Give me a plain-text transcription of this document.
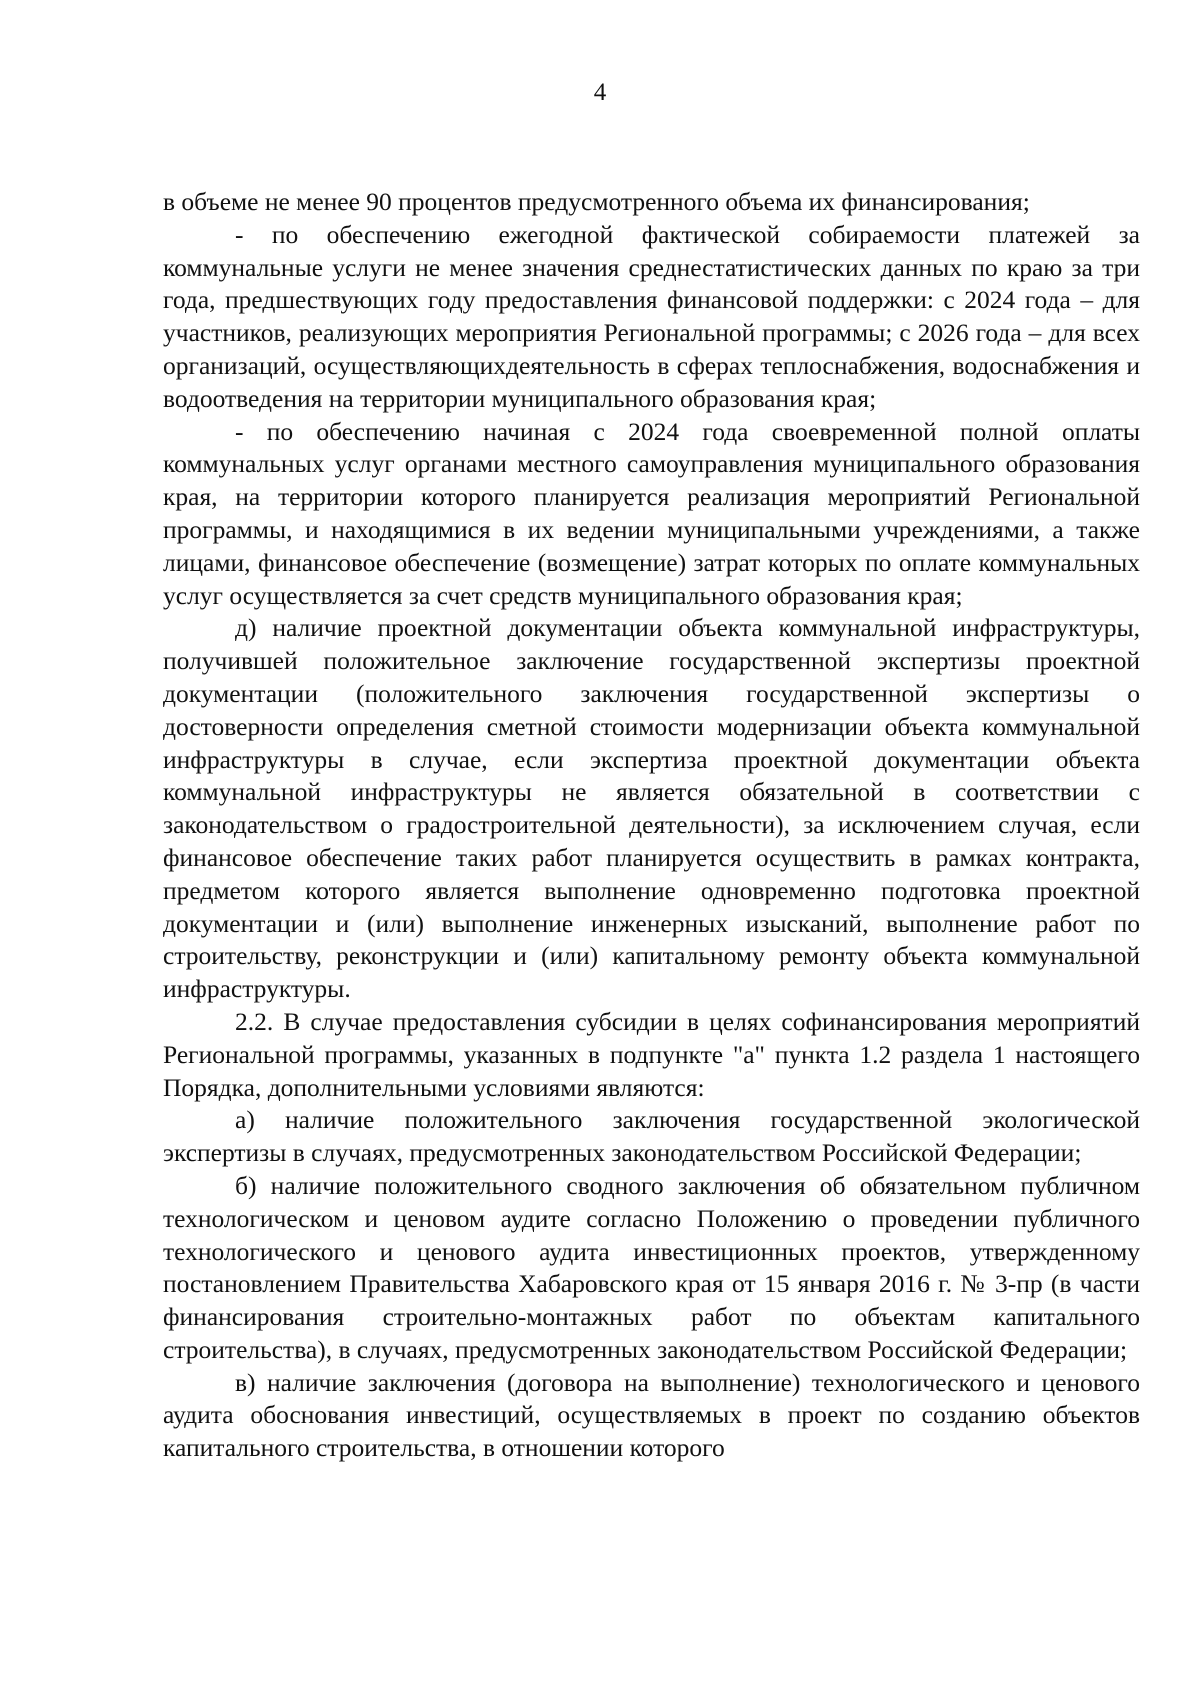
4

в объеме не менее 90 процентов предусмотренного объема их финансирования;

- по обеспечению ежегодной фактической собираемости платежей за коммунальные услуги не менее значения среднестатистических данных по краю за три года, предшествующих году предоставления финансовой поддержки: с 2024 года – для участников, реализующих мероприятия Региональной программы; с 2026 года – для всех организаций, осуществляющихдеятельность в сферах теплоснабжения, водоснабжения и водоотведения на территории муниципального образования края;

- по обеспечению начиная с 2024 года своевременной полной оплаты коммунальных услуг органами местного самоуправления муниципального образования края, на территории которого планируется реализация мероприятий Региональной программы, и находящимися в их ведении муниципальными учреждениями, а также лицами, финансовое обеспечение (возмещение) затрат которых по оплате коммунальных услуг осуществляется за счет средств муниципального образования края;

д) наличие проектной документации объекта коммунальной инфраструктуры, получившей положительное заключение государственной экспертизы проектной документации (положительного заключения государственной экспертизы о достоверности определения сметной стоимости модернизации объекта коммунальной инфраструктуры в случае, если экспертиза проектной документации объекта коммунальной инфраструктуры не является обязательной в соответствии с законодательством о градостроительной деятельности), за исключением случая, если финансовое обеспечение таких работ планируется осуществить в рамках контракта, предметом которого является выполнение одновременно подготовка проектной документации и (или) выполнение инженерных изысканий, выполнение работ по строительству, реконструкции и (или) капитальному ремонту объекта коммунальной инфраструктуры.

2.2. В случае предоставления субсидии в целях софинансирования мероприятий Региональной программы, указанных в подпункте "а" пункта 1.2 раздела 1 настоящего Порядка, дополнительными условиями являются:

а) наличие положительного заключения государственной экологической экспертизы в случаях, предусмотренных законодательством Российской Федерации;

б) наличие положительного сводного заключения об обязательном публичном технологическом и ценовом аудите согласно Положению о проведении публичного технологического и ценового аудита инвестиционных проектов, утвержденному постановлением Правительства Хабаровского края от 15 января 2016 г. № 3-пр (в части финансирования строительно-монтажных работ по объектам капитального строительства), в случаях, предусмотренных законодательством Российской Федерации;

в) наличие заключения (договора на выполнение) технологического и ценового аудита обоснования инвестиций, осуществляемых в проект по созданию объектов капитального строительства, в отношении которого
